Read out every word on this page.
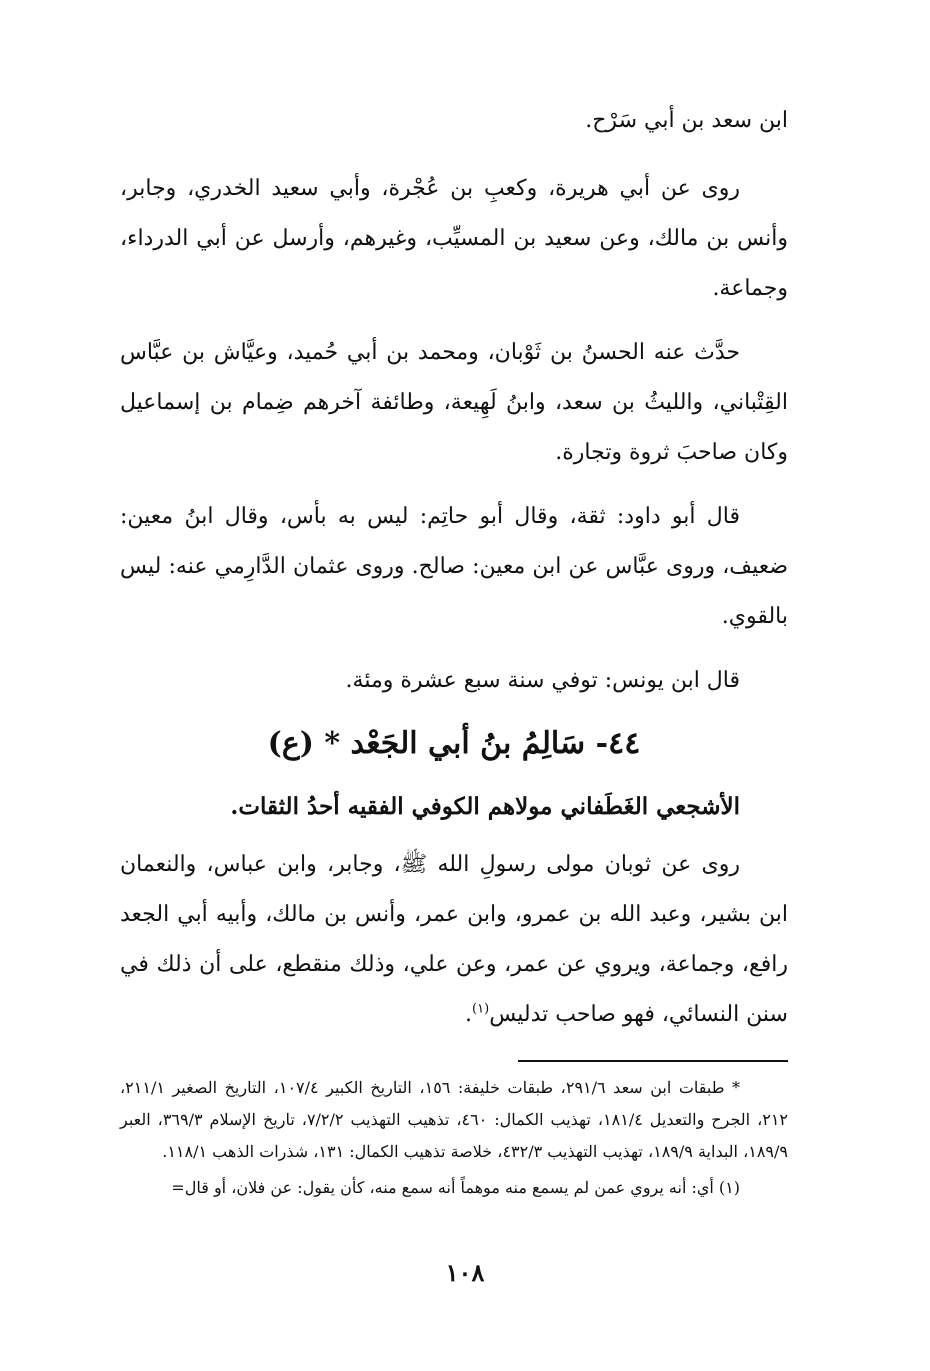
ابن سعد بن أبي سَرْح.

روى عن أبي هريرة، وكعبِ بن عُجْرة، وأبي سعيد الخدري، وجابر، وأنس بن مالك، وعن سعيد بن المسيِّب، وغيرهم، وأرسل عن أبي الدرداء، وجماعة.

حدَّث عنه الحسنُ بن ثَوْبان، ومحمد بن أبي حُميد، وعيَّاش بن عبَّاس القِتْباني، والليثُ بن سعد، وابنُ لَهِيعة، وطائفة آخرهم ضِمام بن إسماعيل وكان صاحبَ ثروة وتجارة.

قال أبو داود: ثقة، وقال أبو حاتِم: ليس به بأس، وقال ابنُ معين: ضعيف، وروى عبَّاس عن ابن معين: صالح. وروى عثمان الدَّارِمي عنه: ليس بالقوي.

قال ابن يونس: توفي سنة سبع عشرة ومئة.

٤٤- سَالِمُ بنُ أبي الجَعْد * (ع)

الأشجعي الغَطَفاني مولاهم الكوفي الفقيه أحدُ الثقات.

روى عن ثوبان مولى رسولِ الله ﷺ، وجابر، وابن عباس، والنعمان ابن بشير، وعبد الله بن عمرو، وابن عمر، وأنس بن مالك، وأبيه أبي الجعد رافع، وجماعة، ويروي عن عمر، وعن علي، وذلك منقطع، على أن ذلك في سنن النسائي، فهو صاحب تدليس$^{(١)}$.

* طبقات ابن سعد ٢٩١/٦، طبقات خليفة: ١٥٦، التاريخ الكبير ١٠٧/٤، التاريخ الصغير ٢١١/١، ٢١٢، الجرح والتعديل ١٨١/٤، تهذيب الكمال: ٤٦٠، تذهيب التهذيب ٧/٢/٢، تاريخ الإسلام ٣٦٩/٣، العبر ١٨٩/٩، البداية ١٨٩/٩، تهذيب التهذيب ٤٣٢/٣، خلاصة تذهيب الكمال: ١٣١، شذرات الذهب ١١٨/١.

(١) أي: أنه يروي عمن لم يسمع منه موهماً أنه سمع منه، كأن يقول: عن فلان، أو قال=

١٠٨
